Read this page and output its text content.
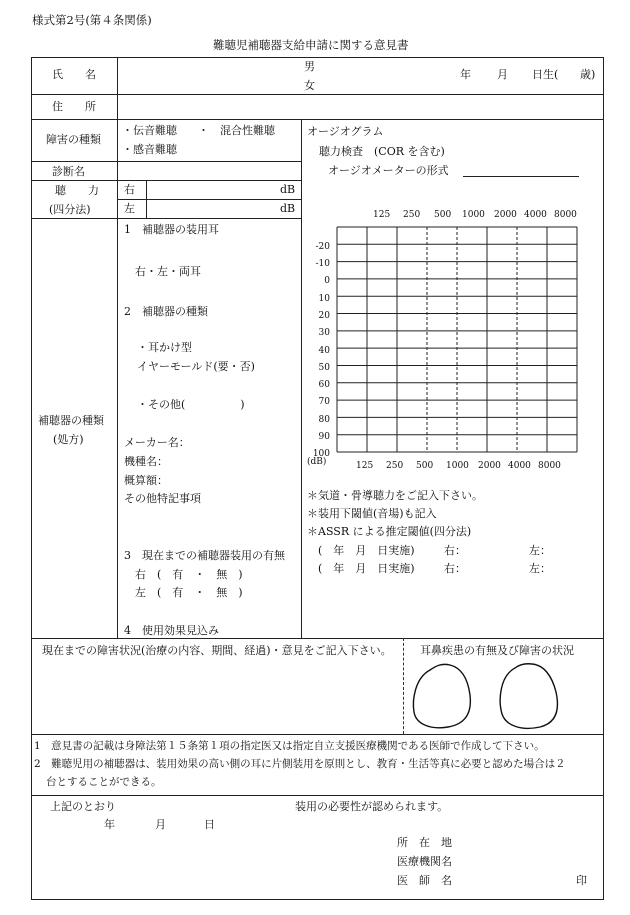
様式第2号(第４条関係)
難聴児補聴器支給申請に関する意見書
氏　　名
男
女
年 月 日生( 歳)
住　　所
障害の種類
・伝音難聴 ・　混合性難聴
・感音難聴
診断名
聴　　力
(四分法)
右
左
dB
dB
オージオグラム
聴力検査　(COR を含む)
オージオメーターの形式
125 250 500 1000 2000 4000 8000
125 250 500 1000 2000 4000 8000
-20
-10
0
10
20
30
40
50
60
70
80
90
100
(dB)
＊気道・骨導聴力をご記入下さい。
＊装用下閾値(音場)も記入
＊ASSR による推定閾値(四分法)
(　年　月　日実施)	右：	左：
(　年　月　日実施)	右：	左：
補聴器の種類
(処方)
1　補聴器の装用耳
右・左・両耳
2　補聴器の種類
・耳かけ型
イヤーモールド(要・否)
・その他(　　　　　)
メーカー名：
機種名：
概算額：
その他特記事項
3　現在までの補聴器装用の有無
右　(　有　・　無　)
左　(　有　・　無　)
4　使用効果見込み
現在までの障害状況(治療の内容、期間、経過)・意見をご記入下さい。	耳鼻疾患の有無及び障害の状況
1　意見書の記載は身障法第１５条第１項の指定医又は指定自立支援医療機関である医師で作成して下さい。
2　難聴児用の補聴器は、装用効果の高い側の耳に片側装用を原則とし、教育・生活等真に必要と認めた場合は２
台とすることができる。
上記のとおり	装用の必要性が認められます。
年	月	日
所　在　地
医療機関名
医　師　名	印
